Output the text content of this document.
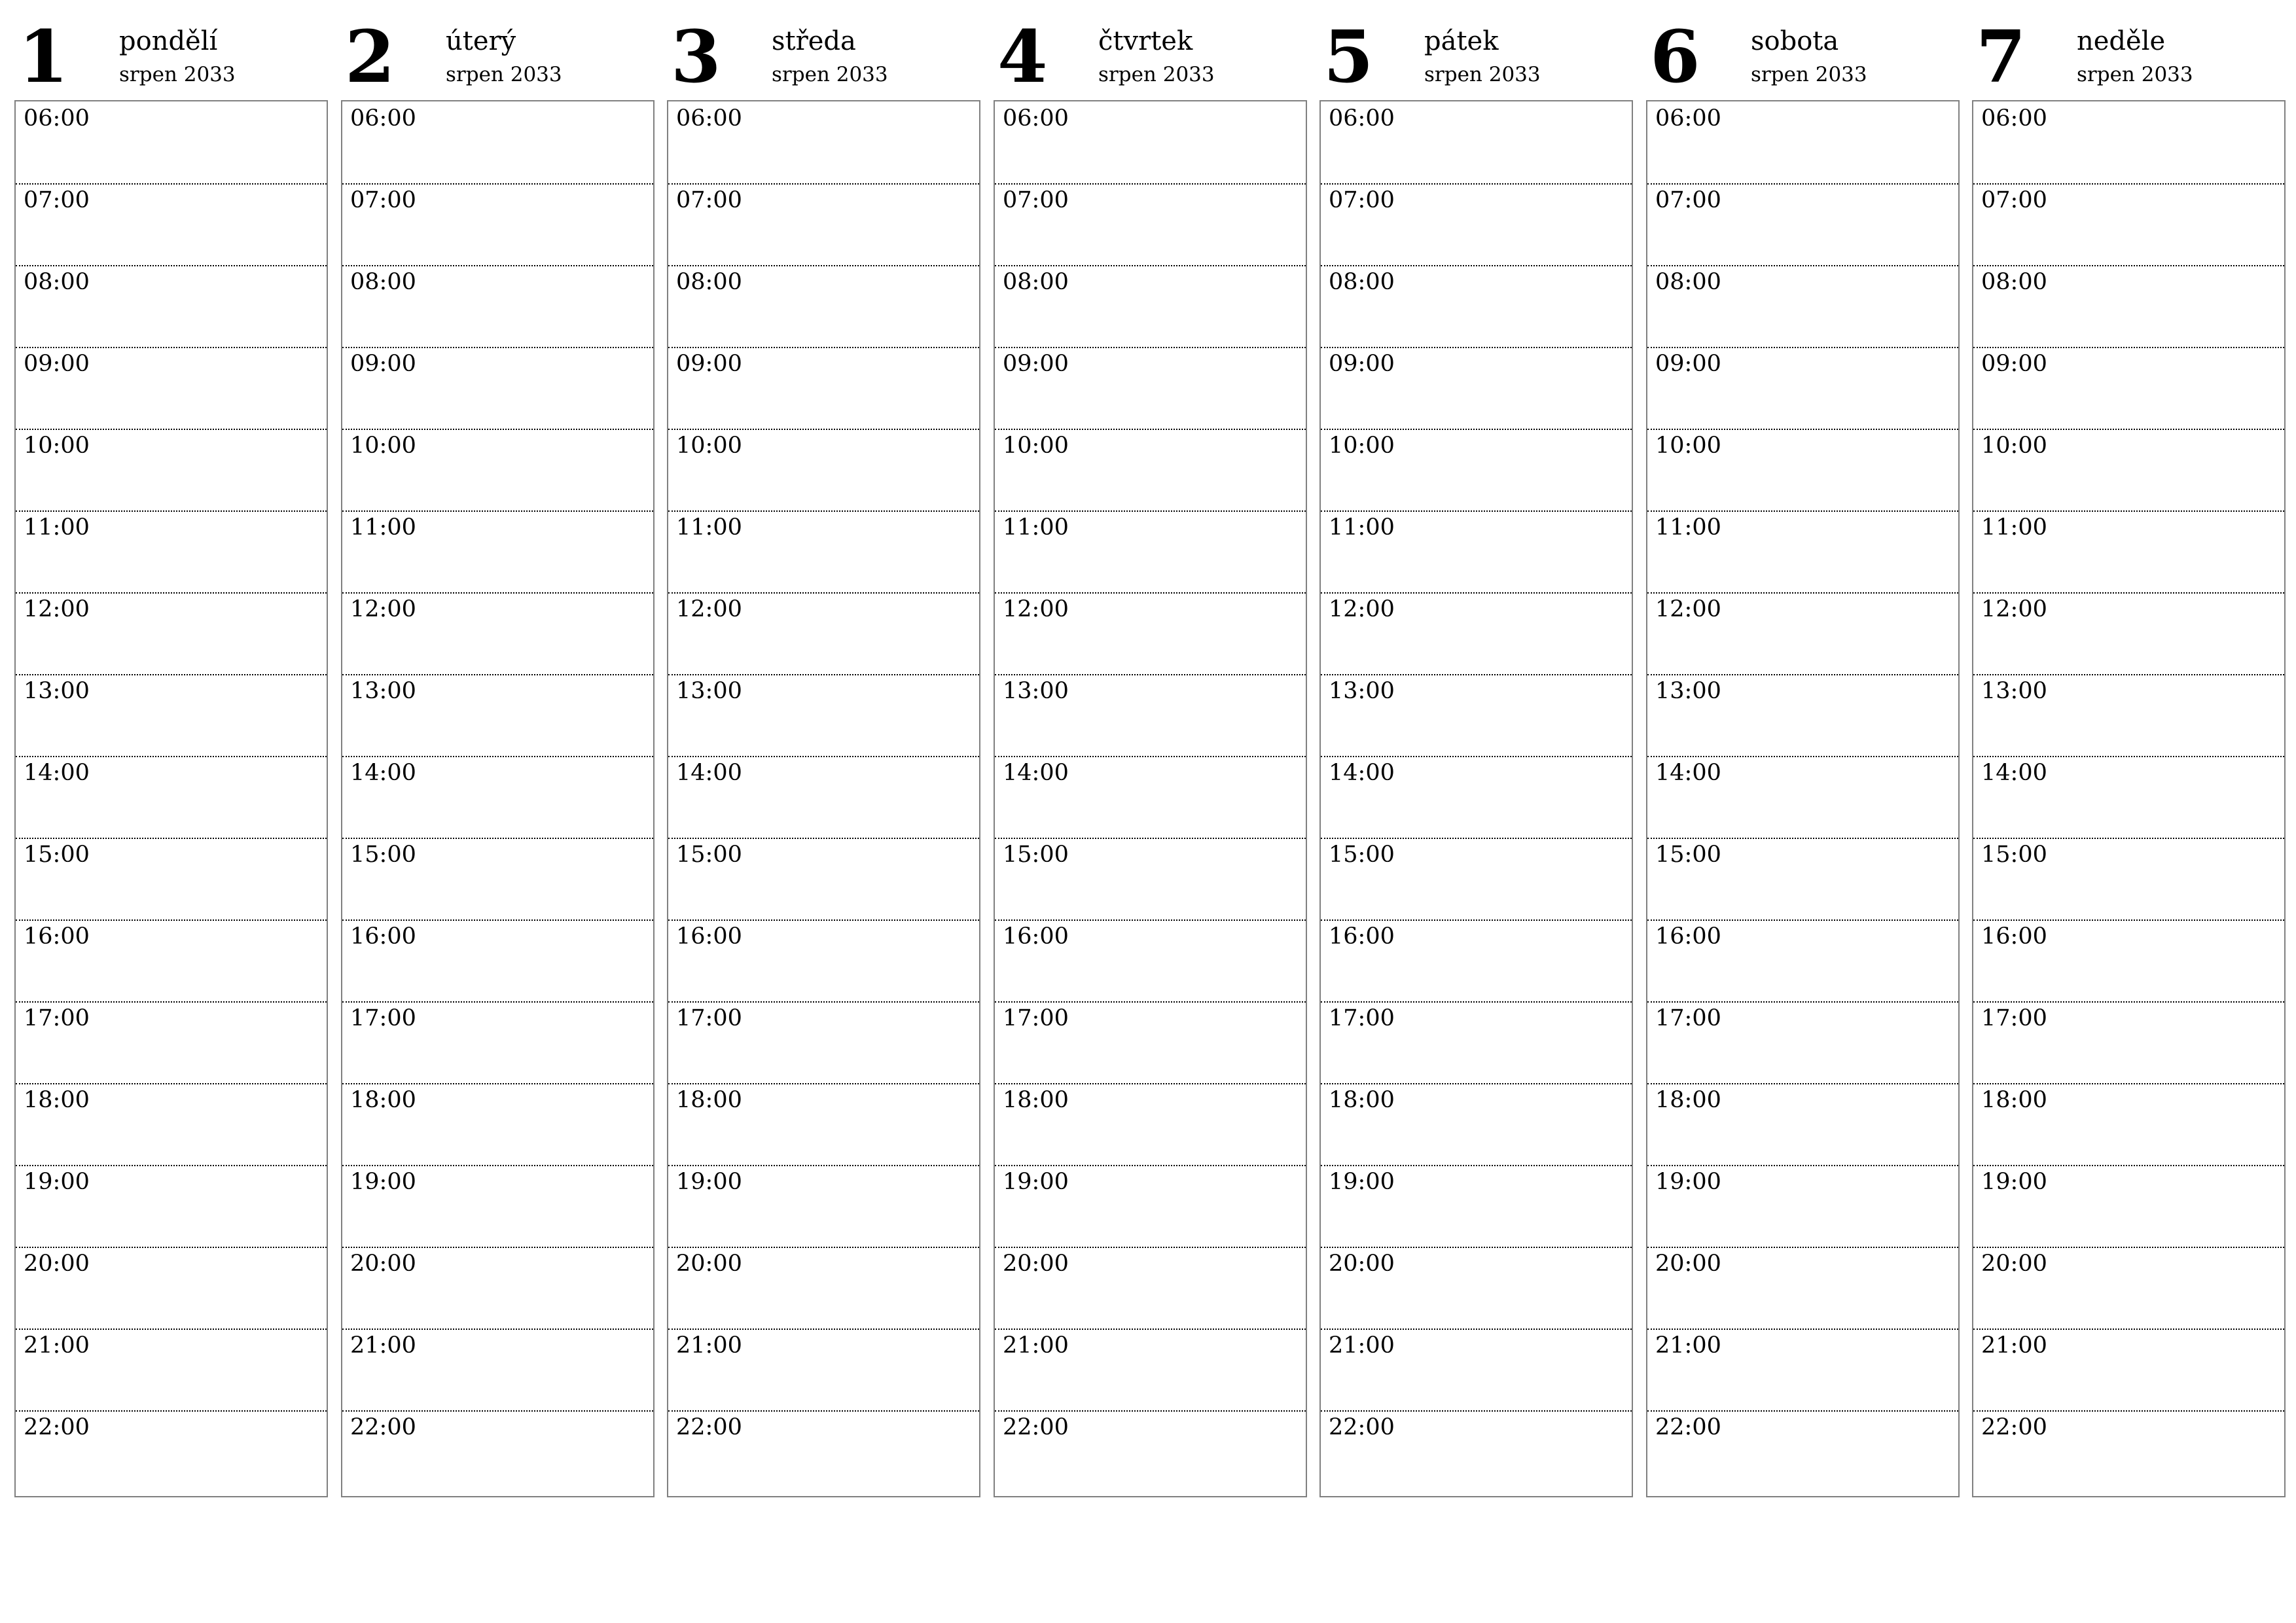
1 pondělí
srpen 2033
06:00
07:00
08:00
09:00
10:00
11:00
12:00
13:00
14:00
15:00
16:00
17:00
18:00
19:00
20:00
21:00
22:00
2 úterý
srpen 2033
06:00
07:00
08:00
09:00
10:00
11:00
12:00
13:00
14:00
15:00
16:00
17:00
18:00
19:00
20:00
21:00
22:00
3 středa
srpen 2033
06:00
07:00
08:00
09:00
10:00
11:00
12:00
13:00
14:00
15:00
16:00
17:00
18:00
19:00
20:00
21:00
22:00
4 čtvrtek
srpen 2033
06:00
07:00
08:00
09:00
10:00
11:00
12:00
13:00
14:00
15:00
16:00
17:00
18:00
19:00
20:00
21:00
22:00
5 pátek
srpen 2033
06:00
07:00
08:00
09:00
10:00
11:00
12:00
13:00
14:00
15:00
16:00
17:00
18:00
19:00
20:00
21:00
22:00
6 sobota
srpen 2033
06:00
07:00
08:00
09:00
10:00
11:00
12:00
13:00
14:00
15:00
16:00
17:00
18:00
19:00
20:00
21:00
22:00
7 neděle
srpen 2033
06:00
07:00
08:00
09:00
10:00
11:00
12:00
13:00
14:00
15:00
16:00
17:00
18:00
19:00
20:00
21:00
22:00
